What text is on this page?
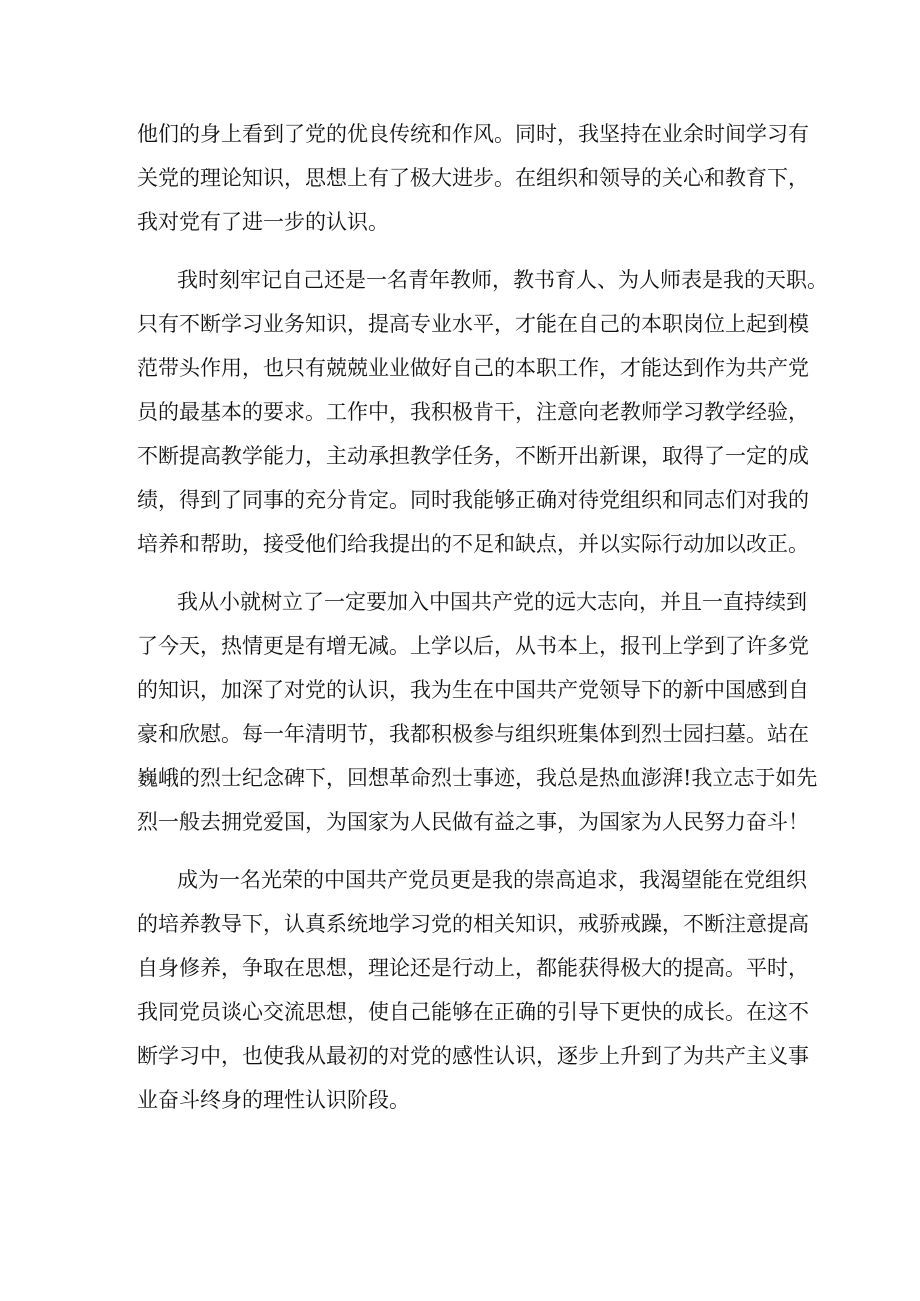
他们的身上看到了党的优良传统和作风。同时，我坚持在业余时间学习有
关党的理论知识，思想上有了极大进步。在组织和领导的关心和教育下，
我对党有了进一步的认识。
我时刻牢记自己还是一名青年教师，教书育人、为人师表是我的天职。
只有不断学习业务知识，提高专业水平，才能在自己的本职岗位上起到模
范带头作用，也只有兢兢业业做好自己的本职工作，才能达到作为共产党
员的最基本的要求。工作中，我积极肯干，注意向老教师学习教学经验，
不断提高教学能力，主动承担教学任务，不断开出新课，取得了一定的成
绩，得到了同事的充分肯定。同时我能够正确对待党组织和同志们对我的
培养和帮助，接受他们给我提出的不足和缺点，并以实际行动加以改正。
我从小就树立了一定要加入中国共产党的远大志向，并且一直持续到
了今天，热情更是有增无减。上学以后，从书本上，报刊上学到了许多党
的知识，加深了对党的认识，我为生在中国共产党领导下的新中国感到自
豪和欣慰。每一年清明节，我都积极参与组织班集体到烈士园扫墓。站在
巍峨的烈士纪念碑下，回想革命烈士事迹，我总是热血澎湃!我立志于如先
烈一般去拥党爱国，为国家为人民做有益之事，为国家为人民努力奋斗！
成为一名光荣的中国共产党员更是我的崇高追求，我渴望能在党组织
的培养教导下，认真系统地学习党的相关知识，戒骄戒躁，不断注意提高
自身修养，争取在思想，理论还是行动上，都能获得极大的提高。平时，
我同党员谈心交流思想，使自己能够在正确的引导下更快的成长。在这不
断学习中，也使我从最初的对党的感性认识，逐步上升到了为共产主义事
业奋斗终身的理性认识阶段。
